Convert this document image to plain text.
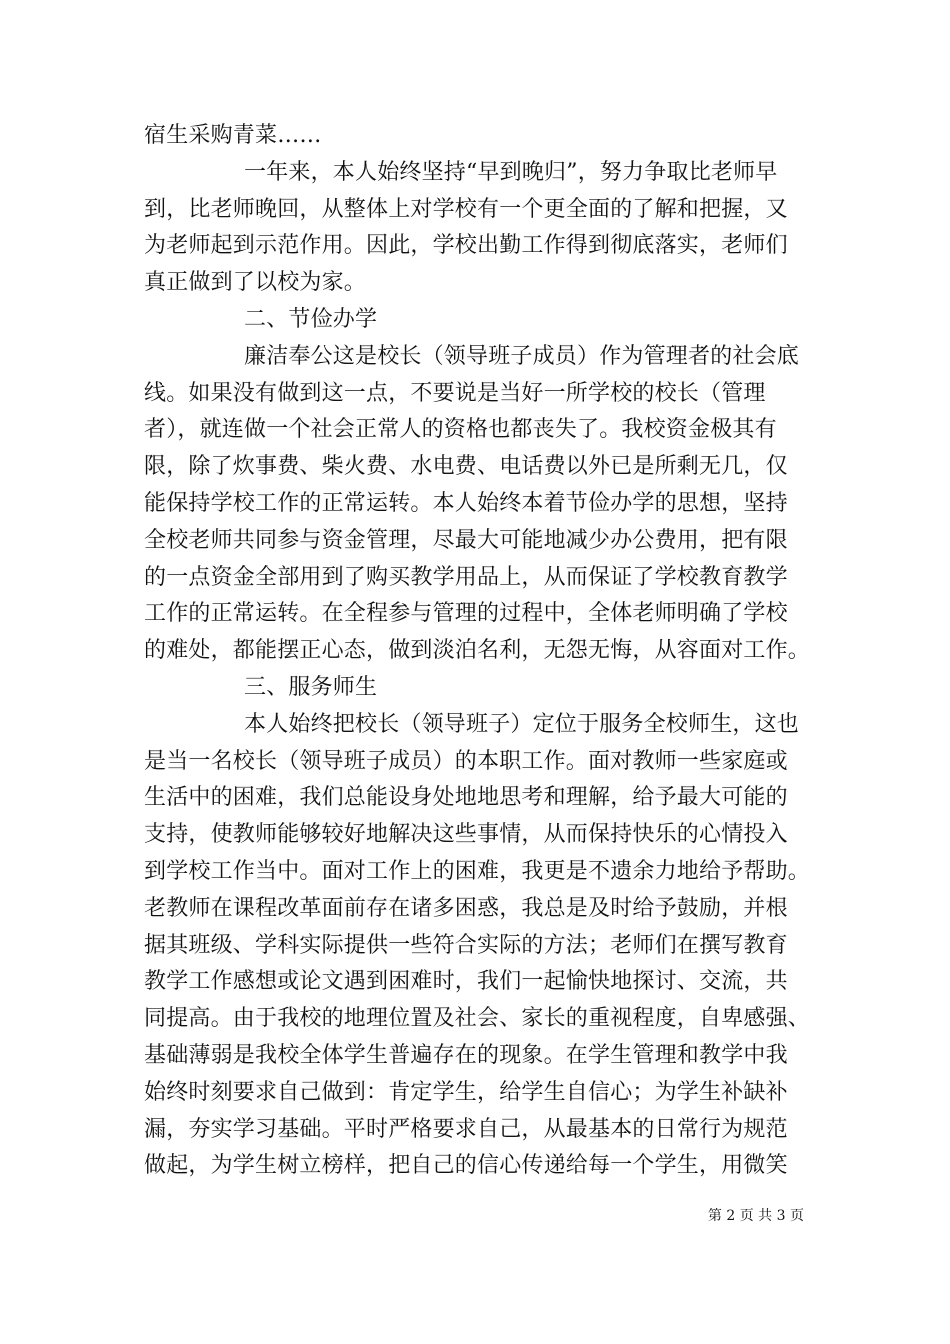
宿生采购青菜……
一年来，本人始终坚持“早到晚归”，努力争取比老师早
到，比老师晚回，从整体上对学校有一个更全面的了解和把握，又
为老师起到示范作用。因此，学校出勤工作得到彻底落实，老师们
真正做到了以校为家。
二、节俭办学
廉洁奉公这是校长（领导班子成员）作为管理者的社会底
线。如果没有做到这一点，不要说是当好一所学校的校长（管理
者），就连做一个社会正常人的资格也都丧失了。我校资金极其有
限，除了炊事费、柴火费、水电费、电话费以外已是所剩无几，仅
能保持学校工作的正常运转。本人始终本着节俭办学的思想，坚持
全校老师共同参与资金管理，尽最大可能地减少办公费用，把有限
的一点资金全部用到了购买教学用品上，从而保证了学校教育教学
工作的正常运转。在全程参与管理的过程中，全体老师明确了学校
的难处，都能摆正心态，做到淡泊名利，无怨无悔，从容面对工作。
三、服务师生
本人始终把校长（领导班子）定位于服务全校师生，这也
是当一名校长（领导班子成员）的本职工作。面对教师一些家庭或
生活中的困难，我们总能设身处地地思考和理解，给予最大可能的
支持，使教师能够较好地解决这些事情，从而保持快乐的心情投入
到学校工作当中。面对工作上的困难，我更是不遗余力地给予帮助。
老教师在课程改革面前存在诸多困惑，我总是及时给予鼓励，并根
据其班级、学科实际提供一些符合实际的方法；老师们在撰写教育
教学工作感想或论文遇到困难时，我们一起愉快地探讨、交流，共
同提高。由于我校的地理位置及社会、家长的重视程度，自卑感强、
基础薄弱是我校全体学生普遍存在的现象。在学生管理和教学中我
始终时刻要求自己做到：肯定学生，给学生自信心；为学生补缺补
漏，夯实学习基础。平时严格要求自己，从最基本的日常行为规范
做起，为学生树立榜样，把自己的信心传递给每一个学生，用微笑
第 2 页 共 3 页
